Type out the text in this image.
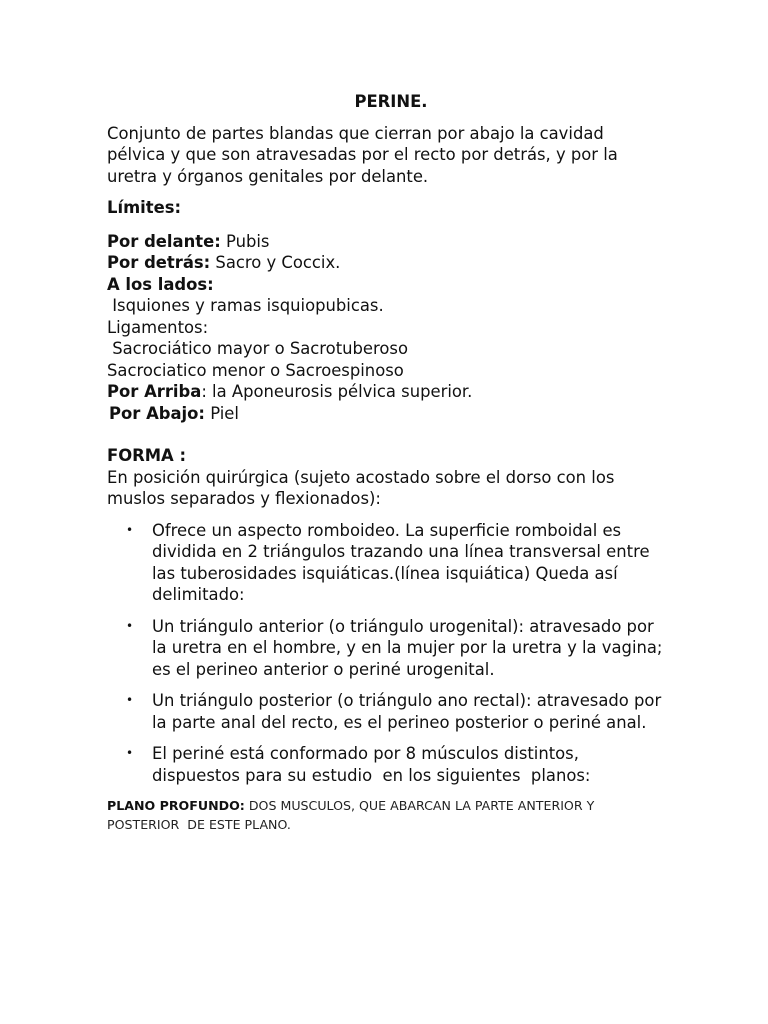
PERINE.

Conjunto de partes blandas que cierran por abajo la cavidad pélvica y que son atravesadas por el recto por detrás, y por la uretra y órganos genitales por delante.

Límites:

Por delante: Pubis

Por detrás: Sacro y Coccix.

A los lados:

Isquiones y ramas isquiopubicas.

Ligamentos:

Sacrociático mayor o Sacrotuberoso

Sacrociatico menor o Sacroespinoso

Por Arriba: la Aponeurosis pélvica superior.

Por Abajo: Piel

FORMA :

En posición quirúrgica (sujeto acostado sobre el dorso con los muslos separados y flexionados):

• Ofrece un aspecto romboideo. La superficie romboidal es dividida en 2 triángulos trazando una línea transversal entre las tuberosidades isquiáticas.(línea isquiática) Queda así delimitado:
• Un triángulo anterior (o triángulo urogenital): atravesado por la uretra en el hombre, y en la mujer por la uretra y la vagina; es el perineo anterior o periné urogenital.
• Un triángulo posterior (o triángulo ano rectal): atravesado por la parte anal del recto, es el perineo posterior o periné anal.
• El periné está conformado por 8 músculos distintos, dispuestos para su estudio  en los siguientes  planos:

PLANO PROFUNDO: DOS MUSCULOS, QUE ABARCAN LA PARTE ANTERIOR Y POSTERIOR  DE ESTE PLANO.
